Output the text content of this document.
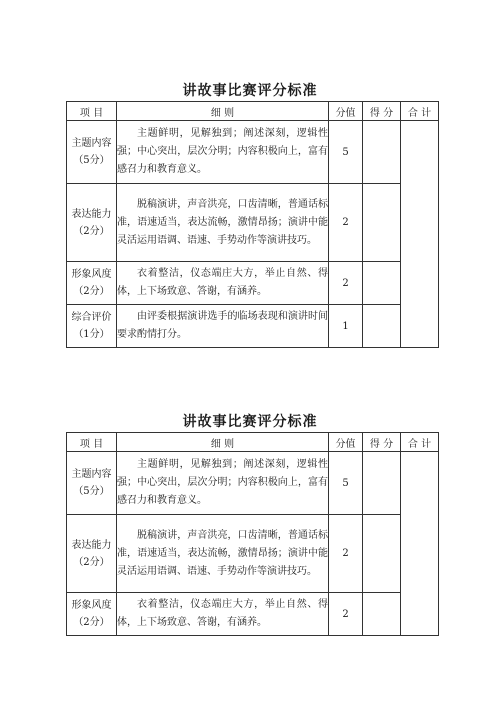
讲故事比赛评分标准
项 目	细 则	分值	得 分	合 计

主题内容
（5分）	主题鲜明，见解独到；阐述深刻，逻辑性强；中心突出，层次分明；内容积极向上，富有感召力和教育意义。	5		

表达能力
（2分）	脱稿演讲，声音洪亮，口齿清晰，普通话标准，语速适当，表达流畅，激情昂扬；演讲中能灵活运用语调、语速、手势动作等演讲技巧。	2		

形象风度
（2分）	衣着整洁，仪态端庄大方，举止自然、得体，上下场致意、答谢，有涵养。	2		

综合评价
（1分）	由评委根据演讲选手的临场表现和演讲时间要求酌情打分。	1		
讲故事比赛评分标准
项 目	细 则	分值	得 分	合 计

主题内容
（5分）	主题鲜明，见解独到；阐述深刻，逻辑性强；中心突出，层次分明；内容积极向上，富有感召力和教育意义。	5		

表达能力
（2分）	脱稿演讲，声音洪亮，口齿清晰，普通话标准，语速适当，表达流畅，激情昂扬；演讲中能灵活运用语调、语速、手势动作等演讲技巧。	2		

形象风度
（2分）	衣着整洁，仪态端庄大方，举止自然、得体，上下场致意、答谢，有涵养。	2		
